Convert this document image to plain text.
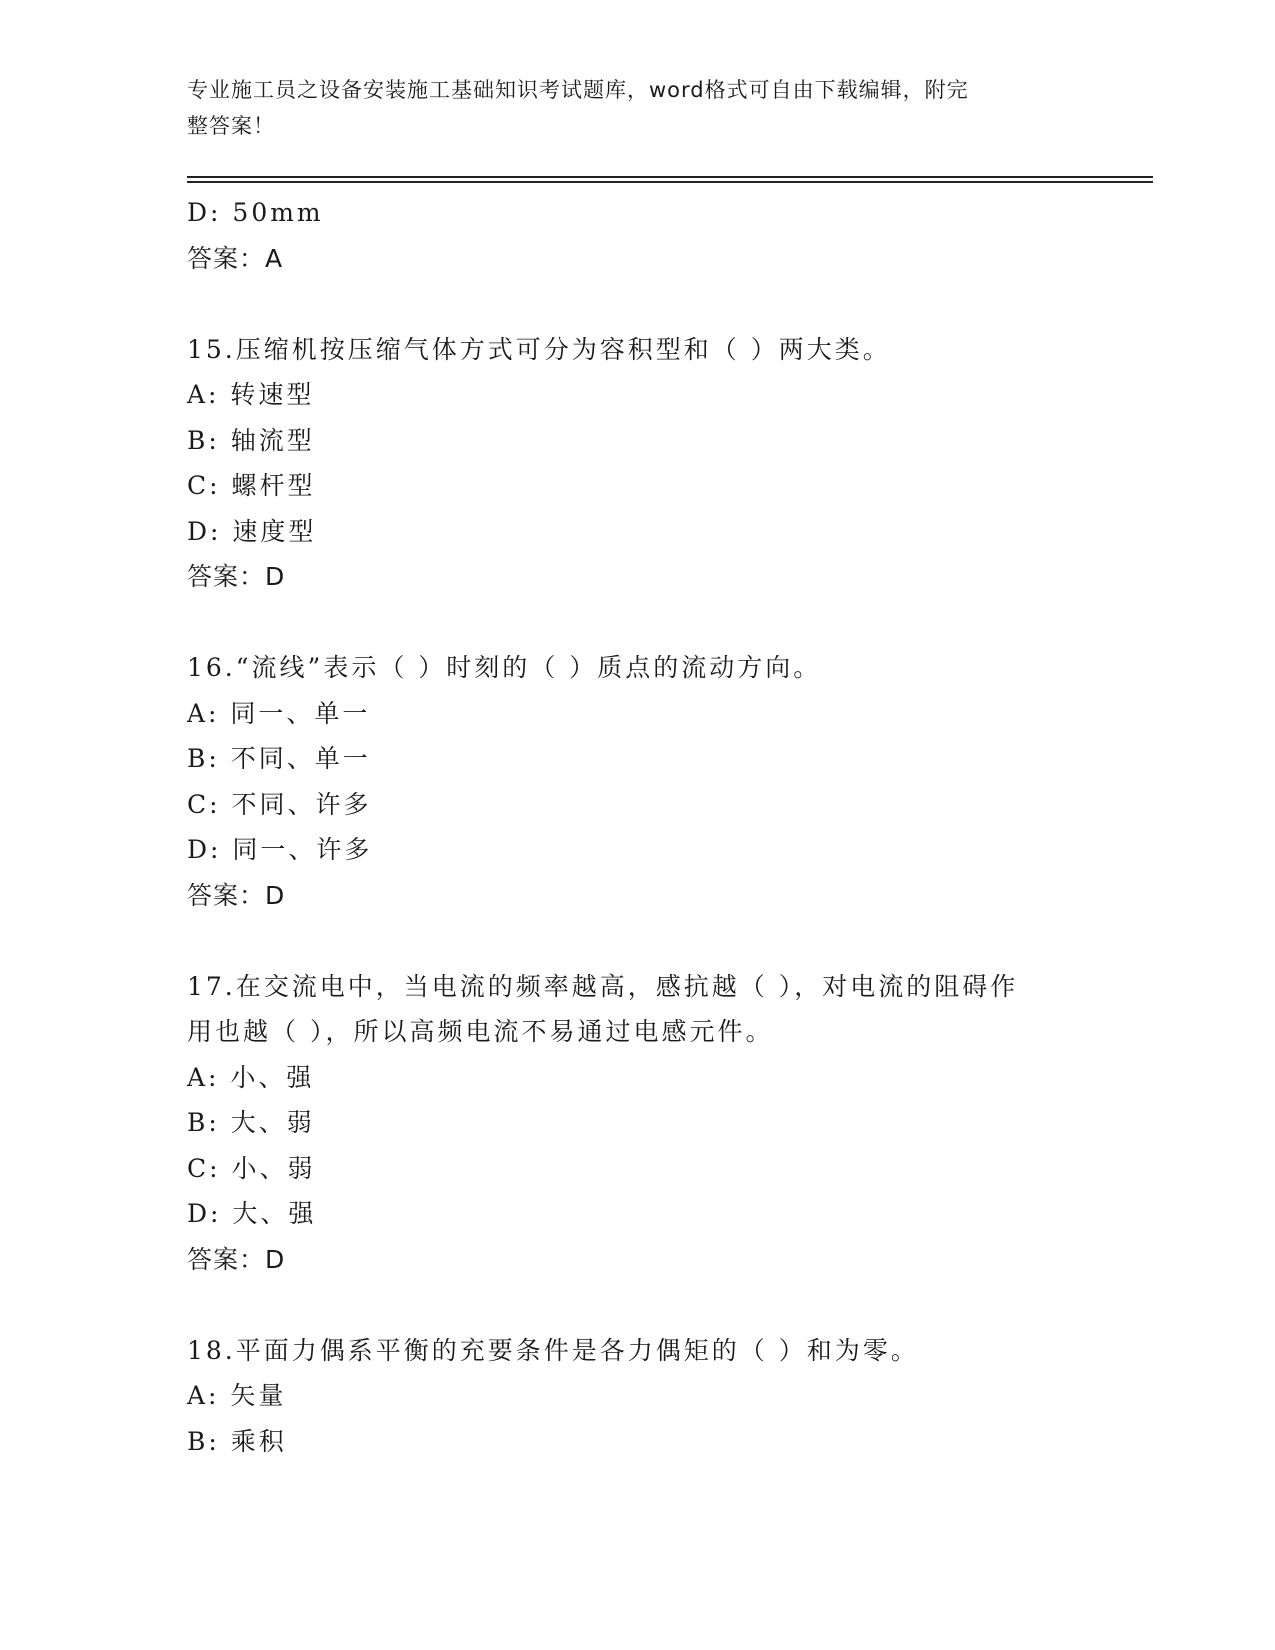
专业施工员之设备安装施工基础知识考试题库，word格式可自由下载编辑，附完
整答案！
D: 50mm
答案：A
15.压缩机按压缩气体方式可分为容积型和（ ）两大类。
A: 转速型
B: 轴流型
C: 螺杆型
D: 速度型
答案：D
16.“流线”表示（ ）时刻的（ ）质点的流动方向。
A: 同一、单一
B: 不同、单一
C: 不同、许多
D: 同一、许多
答案：D
17.在交流电中，当电流的频率越高，感抗越（ ），对电流的阻碍作
用也越（ ），所以高频电流不易通过电感元件。
A: 小、强
B: 大、弱
C: 小、弱
D: 大、强
答案：D
18.平面力偶系平衡的充要条件是各力偶矩的（ ）和为零。
A: 矢量
B: 乘积
